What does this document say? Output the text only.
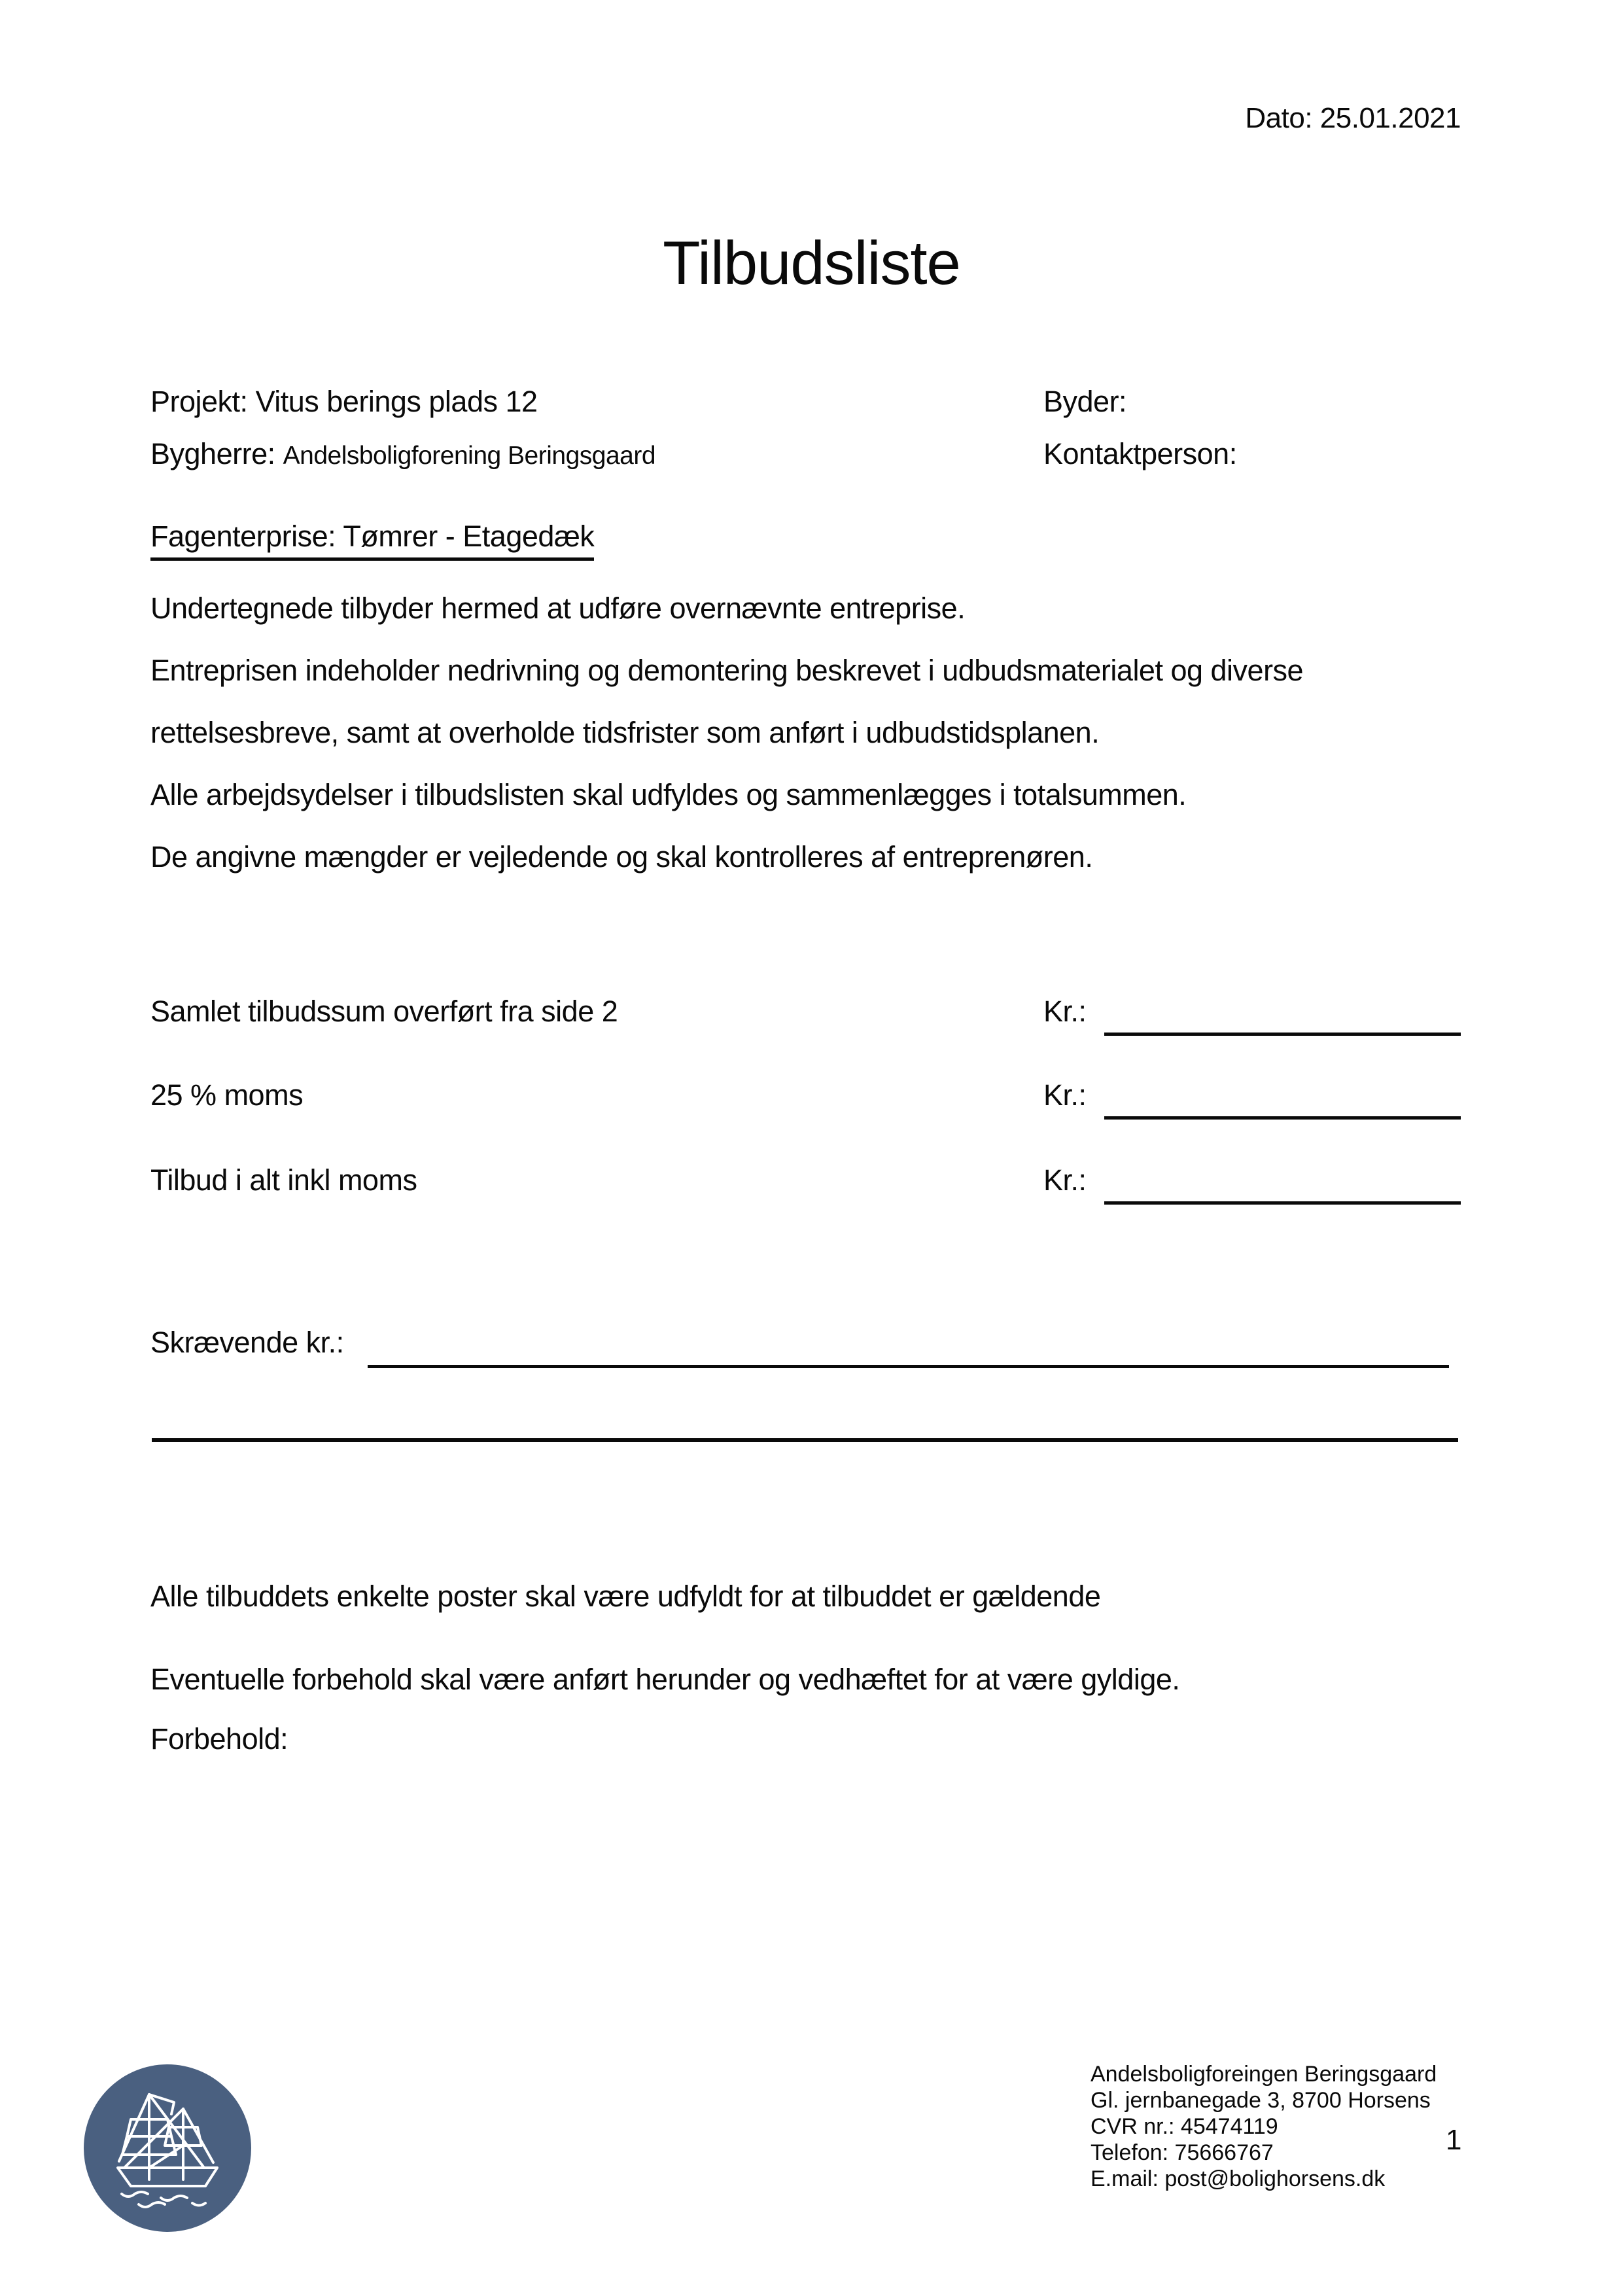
Dato: 25.01.2021
Tilbudsliste
Projekt: Vitus berings plads 12	Byder:
Bygherre: Andelsboligforening Beringsgaard	Kontaktperson:
Fagenterprise: Tømrer - Etagedæk
Undertegnede tilbyder hermed at udføre overnævnte entreprise.
Entreprisen indeholder nedrivning og demontering beskrevet i udbudsmaterialet og diverse
rettelsesbreve, samt at overholde tidsfrister som anført i udbudstidsplanen.
Alle arbejdsydelser i tilbudslisten skal udfyldes og sammenlægges i totalsummen.
De angivne mængder er vejledende og skal kontrolleres af entreprenøren.
Samlet tilbudssum overført fra side 2	Kr.:
25 % moms	Kr.:
Tilbud i alt inkl moms	Kr.:
Skrævende kr.:
Alle tilbuddets enkelte poster skal være udfyldt for at tilbuddet er gældende
Eventuelle forbehold skal være anført herunder og vedhæftet for at være gyldige.
Forbehold:
Andelsboligforeingen Beringsgaard
Gl. jernbanegade 3, 8700 Horsens
CVR nr.: 45474119
Telefon: 75666767
E.mail: post@bolighorsens.dk
1
